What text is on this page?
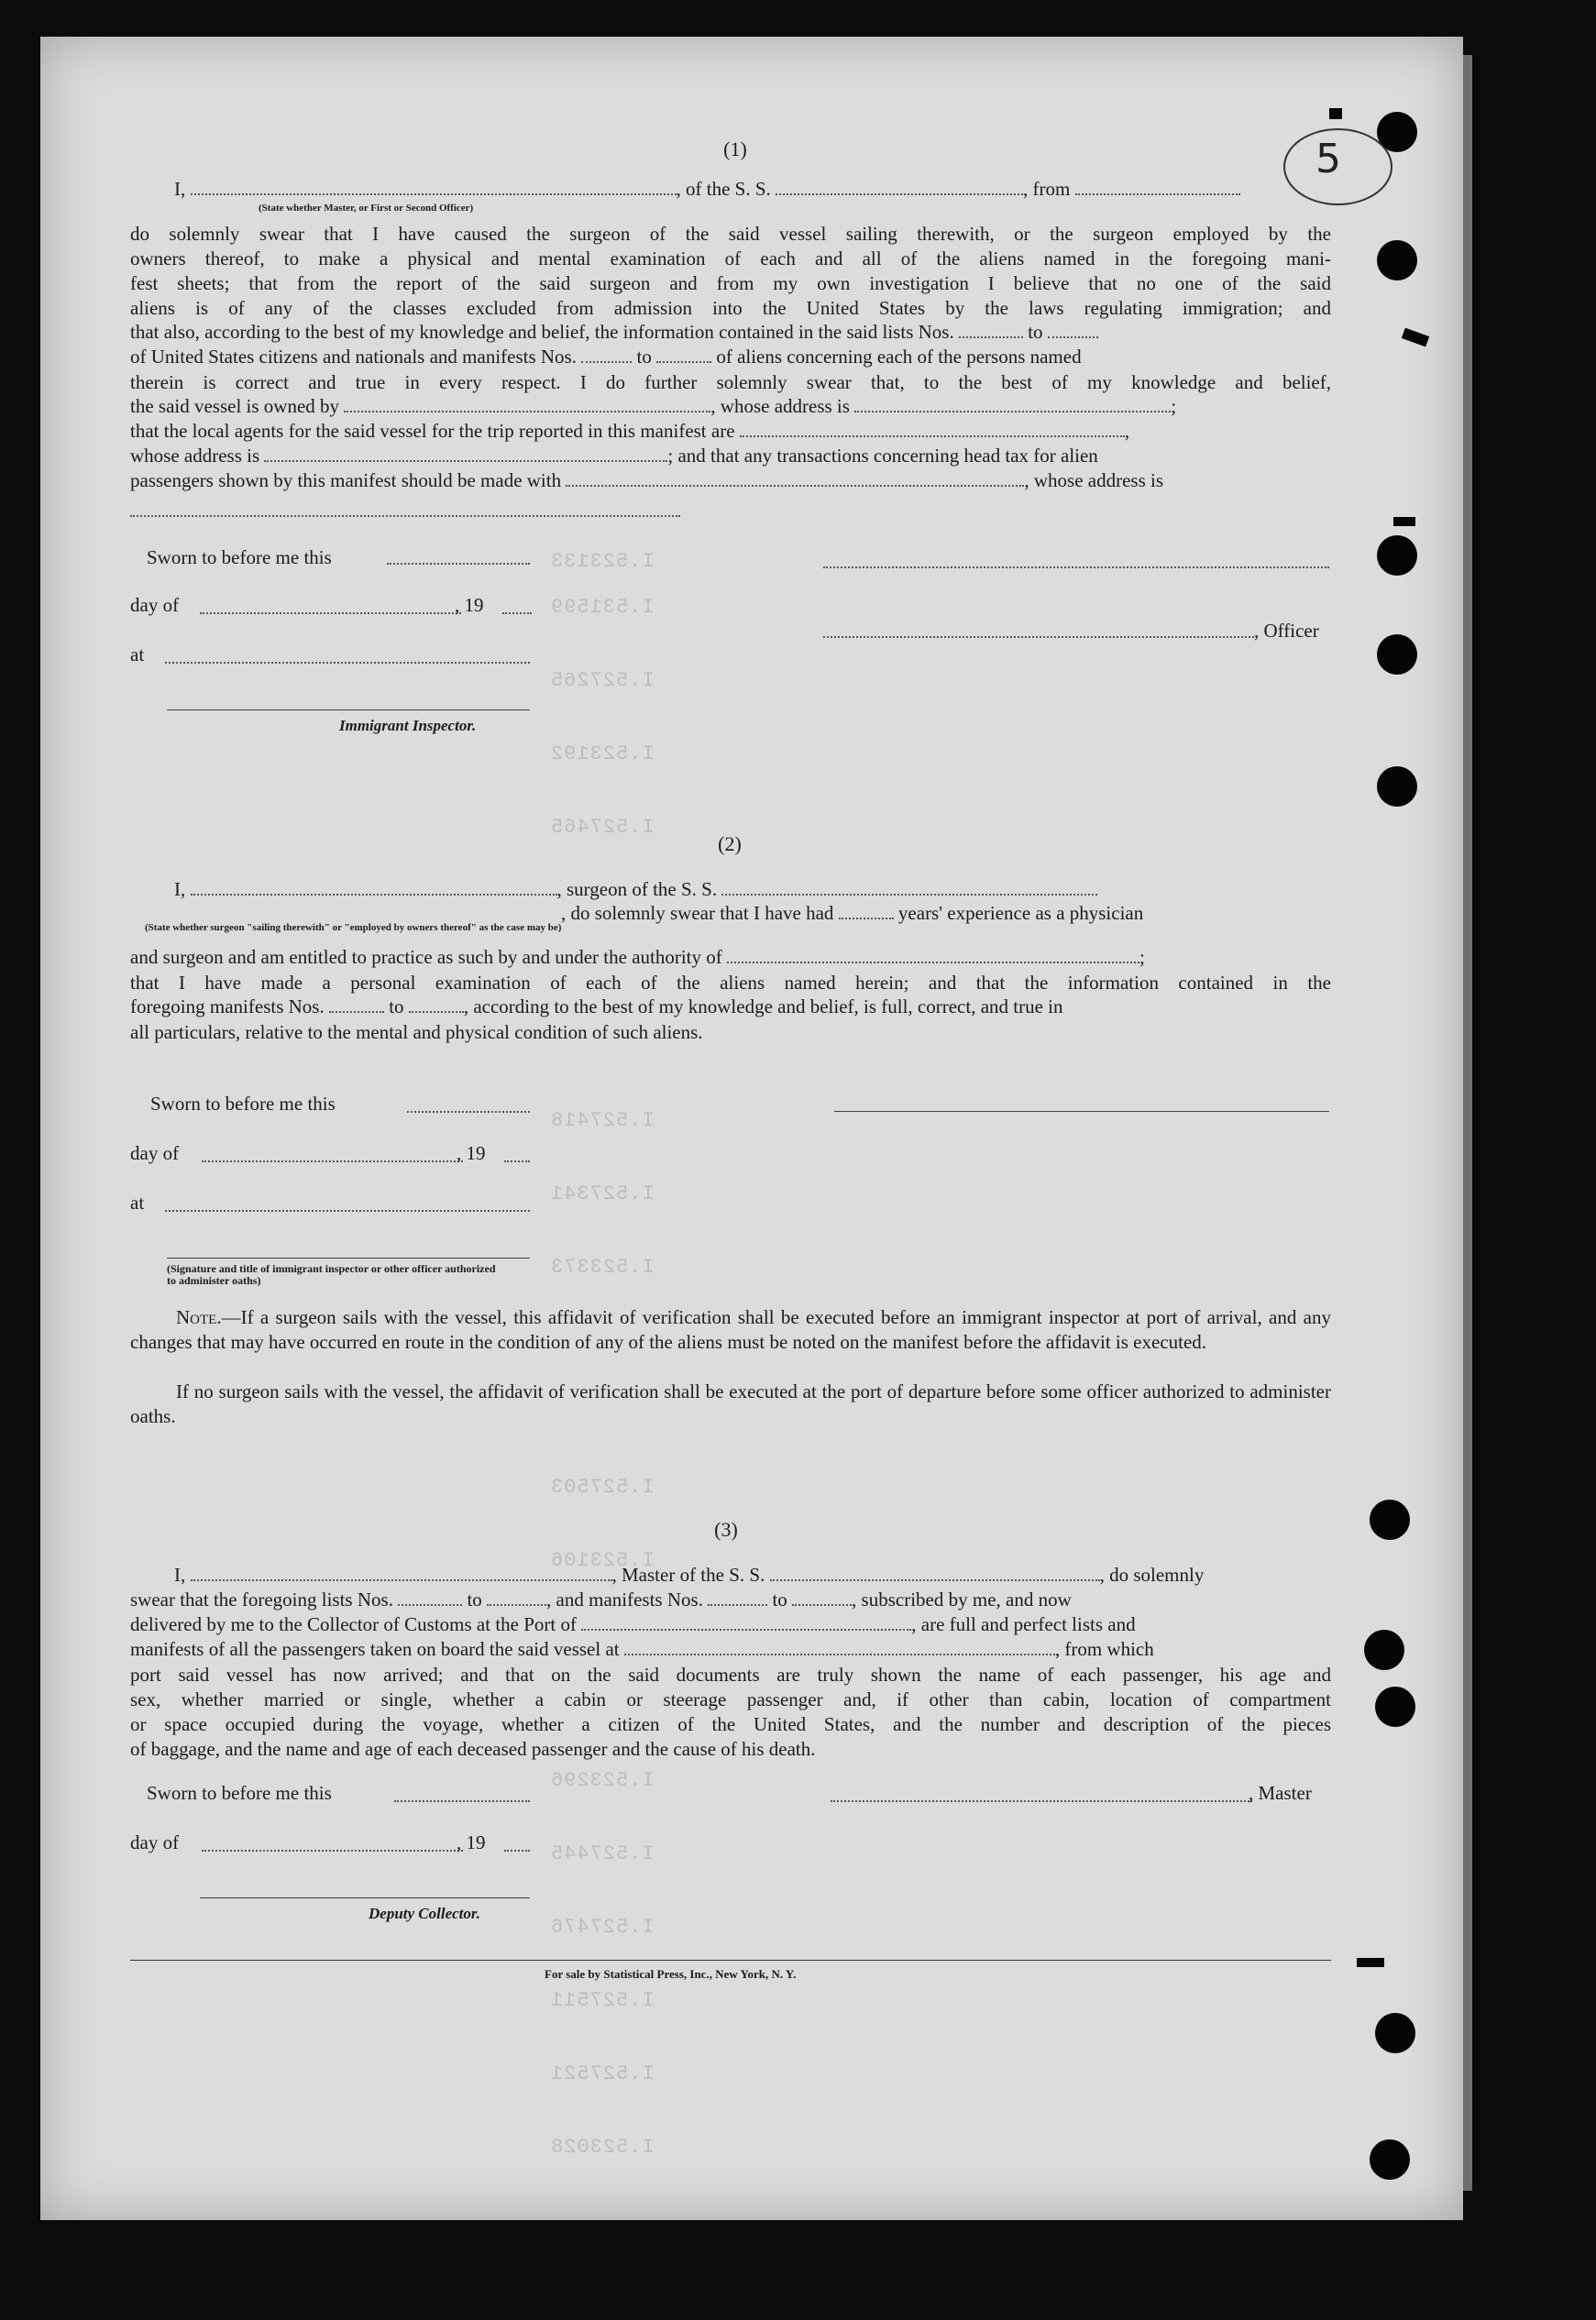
I.523133
I.531599
I.527265
I.523192
I.527465
I.527418
I.527341
I.523373
I.527503
I.523106
I.523296
I.527445
I.527476
I.527511
I.527521
I.523028
5
(1)
I,	, of the S. S.	, from
(State whether Master, or First or Second Officer)
do solemnly swear that I have caused the surgeon of the said vessel sailing therewith, or the surgeon employed by the
owners thereof, to make a physical and mental examination of each and all of the aliens named in the foregoing mani-
fest sheets; that from the report of the said surgeon and from my own investigation I believe that no one of the said
aliens is of any of the classes excluded from admission into the United States by the laws regulating immigration; and
that also, according to the best of my knowledge and belief, the information contained in the said lists Nos.	to
of United States citizens and nationals and manifests Nos.	to	of aliens concerning each of the persons named
therein is correct and true in every respect. I do further solemnly swear that, to the best of my knowledge and belief,
the said vessel is owned by	, whose address is	;
that the local agents for the said vessel for the trip reported in this manifest are	,
whose address is	; and that any transactions concerning head tax for alien
passengers shown by this manifest should be made with	, whose address is
Sworn to before me this
day of	, 19
, Officer
at
Immigrant Inspector.
(2)
I,	, surgeon of the S. S.
, do solemnly swear that I have had	years' experience as a physician
(State whether surgeon "sailing therewith" or "employed by owners thereof" as the case may be)
and surgeon and am entitled to practice as such by and under the authority of	;
that I have made a personal examination of each of the aliens named herein; and that the information contained in the
foregoing manifests Nos.	to	, according to the best of my knowledge and belief, is full, correct, and true in
all particulars, relative to the mental and physical condition of such aliens.
Sworn to before me this
day of	, 19
at
(Signature and title of immigrant inspector or other officer authorized to administer oaths)
Note.—If a surgeon sails with the vessel, this affidavit of verification shall be executed before an immigrant inspector at port of arrival, and any changes that may have occurred en route in the condition of any of the aliens must be noted on the manifest before the affidavit is executed.
If no surgeon sails with the vessel, the affidavit of verification shall be executed at the port of departure before some officer authorized to administer oaths.
(3)
I,	, Master of the S. S.	, do solemnly
swear that the foregoing lists Nos.	to	, and manifests Nos.	to	, subscribed by me, and now
delivered by me to the Collector of Customs at the Port of	, are full and perfect lists and
manifests of all the passengers taken on board the said vessel at	, from which
port said vessel has now arrived; and that on the said documents are truly shown the name of each passenger, his age and
sex, whether married or single, whether a cabin or steerage passenger and, if other than cabin, location of compartment
or space occupied during the voyage, whether a citizen of the United States, and the number and description of the pieces
of baggage, and the name and age of each deceased passenger and the cause of his death.
Sworn to before me this	, Master
day of	, 19
Deputy Collector.
For sale by Statistical Press, Inc., New York, N. Y.
